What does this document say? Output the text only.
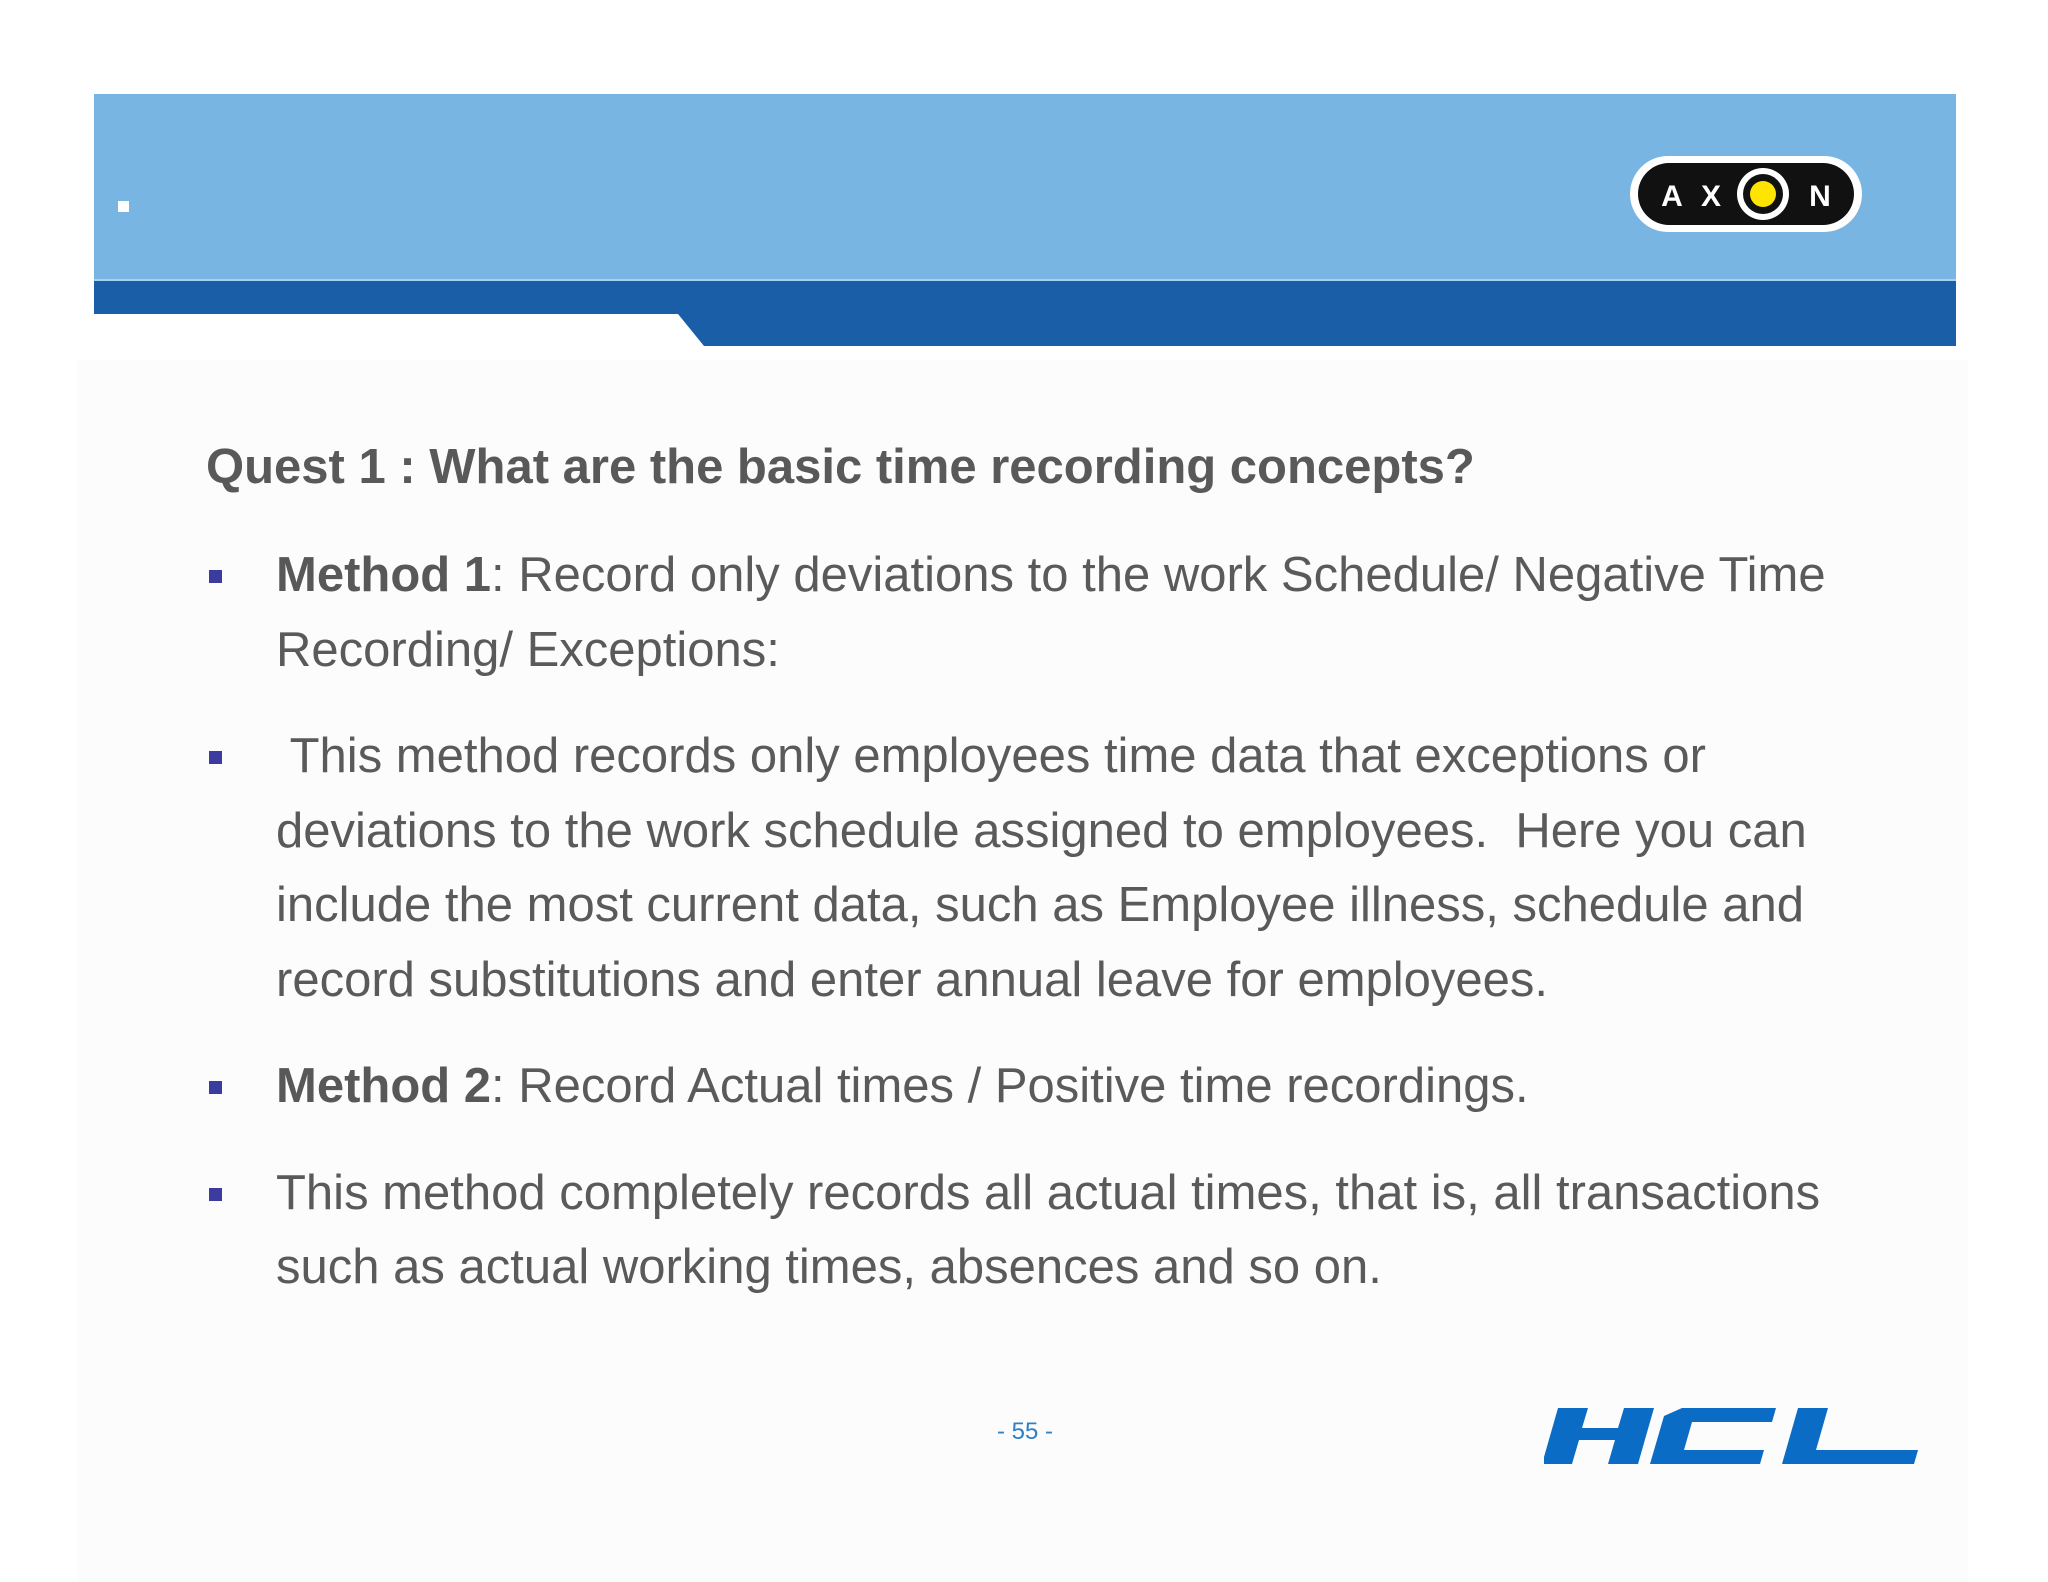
A X	N
Quest 1 : What are the basic time recording concepts?
Method 1: Record only deviations to the work Schedule/ Negative Time Recording/ Exceptions:
This method records only employees time data that exceptions or deviations to the work schedule assigned to employees.  Here you can include the most current data, such as Employee illness, schedule and record substitutions and enter annual leave for employees.
Method 2: Record Actual times / Positive time recordings.
This method completely records all actual times, that is, all transactions such as actual working times, absences and so on.
- 55 -
